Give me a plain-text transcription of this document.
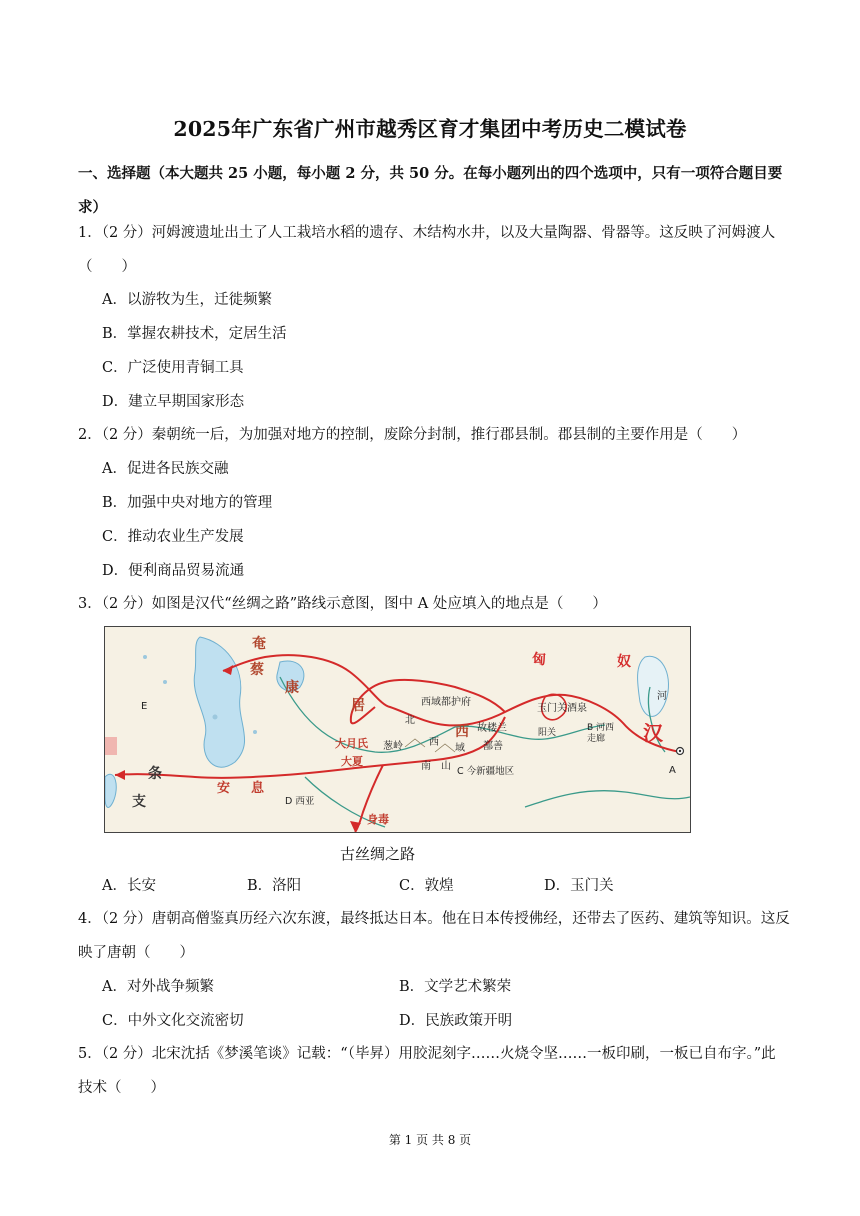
2025年广东省广州市越秀区育才集团中考历史二模试卷
一、选择题（本大题共 25 小题，每小题 2 分，共 50 分。在每小题列出的四个选项中，只有一项符合题目要求）
1．（2 分）河姆渡遗址出土了人工栽培水稻的遗存、木结构水井，以及大量陶器、骨器等。这反映了河姆渡人（　　）
A．以游牧为生，迁徙频繁
B．掌握农耕技术，定居生活
C．广泛使用青铜工具
D．建立早期国家形态
2．（2 分）秦朝统一后，为加强对地方的控制，废除分封制，推行郡县制。郡县制的主要作用是（　　）
A．促进各民族交融
B．加强中央对地方的管理
C．推动农业生产发展
D．便利商品贸易流通
3．（2 分）如图是汉代“丝绸之路”路线示意图，图中 A 处应填入的地点是（　　）
奄
蔡
康
居
匈	奴
汉
西域都护府
玉门关 酒泉
故楼兰
鄯善
阳关
西
域
西
北
南 山
大月氏
大夏
葱岭
安 息
条
支
身毒
A
E
B 河西走廊
C 今新疆地区
D 西亚
河
古丝绸之路
A．长安	B．洛阳	C．敦煌	D．玉门关
4．（2 分）唐朝高僧鉴真历经六次东渡，最终抵达日本。他在日本传授佛经，还带去了医药、建筑等知识。这反映了唐朝（　　）
A．对外战争频繁	B．文学艺术繁荣
C．中外文化交流密切	D．民族政策开明
5．（2 分）北宋沈括《梦溪笔谈》记载：“（毕昇）用胶泥刻字……火烧令坚……一板印刷，一板已自布字。”此技术（　　）
第 1 页 共 8 页
